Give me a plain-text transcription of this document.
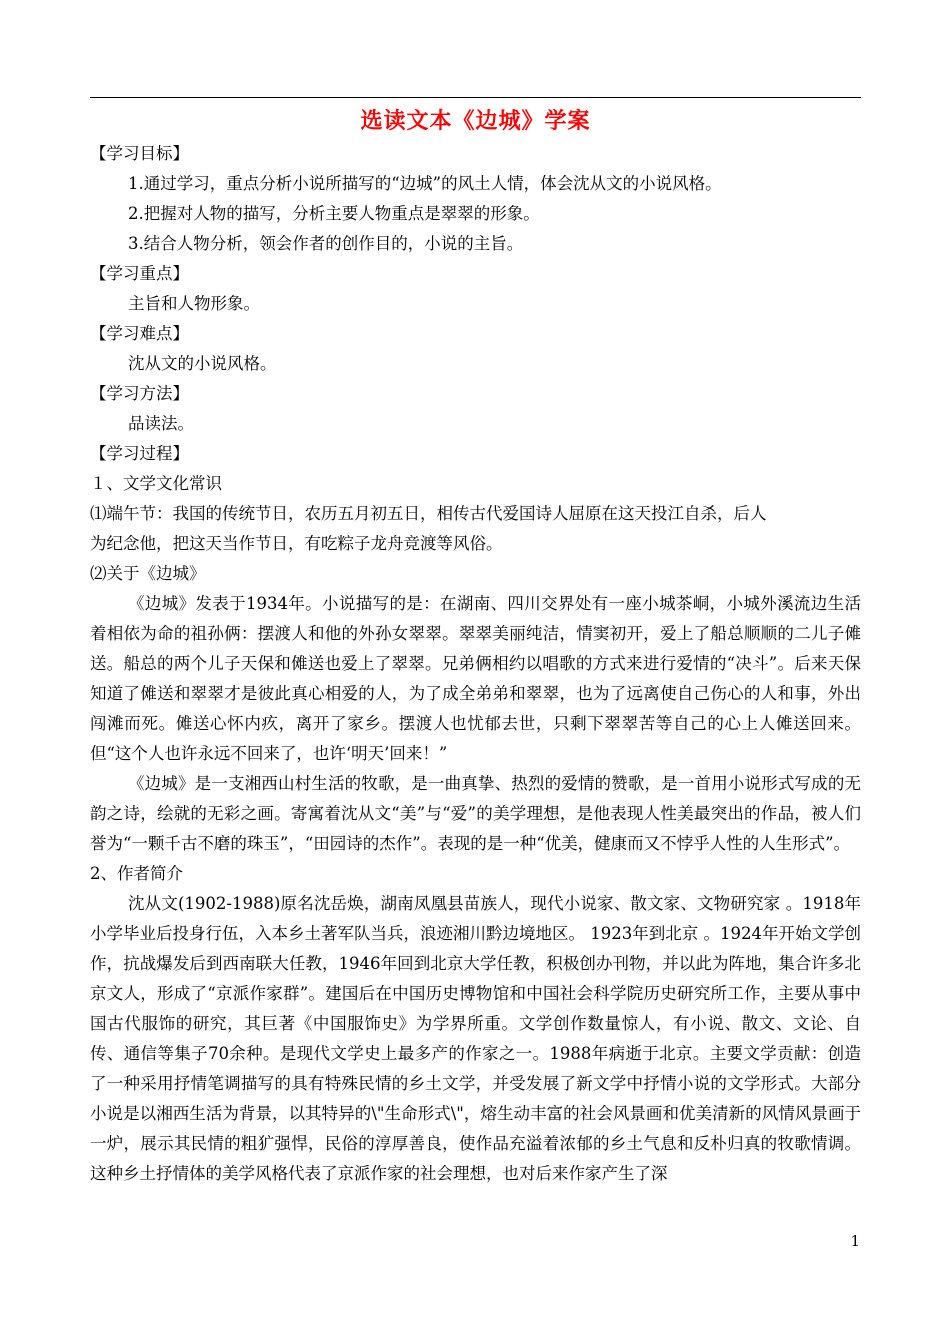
选读文本《边城》学案

【学习目标】

1.通过学习，重点分析小说所描写的“边城”的风土人情，体会沈从文的小说风格。

2.把握对人物的描写，分析主要人物重点是翠翠的形象。

3.结合人物分析，领会作者的创作目的，小说的主旨。

【学习重点】

主旨和人物形象。

【学习难点】

沈从文的小说风格。

【学习方法】

品读法。

【学习过程】

１、文学文化常识

⑴端午节：我国的传统节日，农历五月初五日，相传古代爱国诗人屈原在这天投江自杀，后人

为纪念他，把这天当作节日，有吃粽子龙舟竞渡等风俗。

⑵关于《边城》

《边城》发表于1934年。小说描写的是：在湖南、四川交界处有一座小城茶峒，小城外溪流边生活着相依为命的祖孙俩：摆渡人和他的外孙女翠翠。翠翠美丽纯洁，情窦初开，爱上了船总顺顺的二儿子傩送。船总的两个儿子天保和傩送也爱上了翠翠。兄弟俩相约以唱歌的方式来进行爱情的“决斗”。后来天保知道了傩送和翠翠才是彼此真心相爱的人，为了成全弟弟和翠翠，也为了远离使自己伤心的人和事，外出闯滩而死。傩送心怀内疚，离开了家乡。摆渡人也忧郁去世，只剩下翠翠苦等自己的心上人傩送回来。但“这个人也许永远不回来了，也许‘明天’回来！”

《边城》是一支湘西山村生活的牧歌，是一曲真挚、热烈的爱情的赞歌，是一首用小说形式写成的无韵之诗，绘就的无彩之画。寄寓着沈从文“美”与“爱”的美学理想，是他表现人性美最突出的作品，被人们誉为“一颗千古不磨的珠玉”，“田园诗的杰作”。表现的是一种“优美，健康而又不悖乎人性的人生形式”。

2、作者简介

沈从文(1902-1988)原名沈岳焕，湖南凤凰县苗族人，现代小说家、散文家、文物研究家 。1918年小学毕业后投身行伍，入本乡土著军队当兵，浪迹湘川黔边境地区。 1923年到北京 。1924年开始文学创作，抗战爆发后到西南联大任教，1946年回到北京大学任教，积极创办刊物，并以此为阵地，集合许多北京文人，形成了“京派作家群”。建国后在中国历史博物馆和中国社会科学院历史研究所工作，主要从事中国古代服饰的研究，其巨著《中国服饰史》为学界所重。文学创作数量惊人，有小说、散文、文论、自传、通信等集子70余种。是现代文学史上最多产的作家之一。1988年病逝于北京。主要文学贡献：创造了一种采用抒情笔调描写的具有特殊民情的乡土文学，并受发展了新文学中抒情小说的文学形式。大部分小说是以湘西生活为背景，以其特异的\"生命形式\"，熔生动丰富的社会风景画和优美清新的风情风景画于一炉，展示其民情的粗犷强悍，民俗的淳厚善良，使作品充溢着浓郁的乡土气息和反朴归真的牧歌情调。这种乡土抒情体的美学风格代表了京派作家的社会理想，也对后来作家产生了深

1
